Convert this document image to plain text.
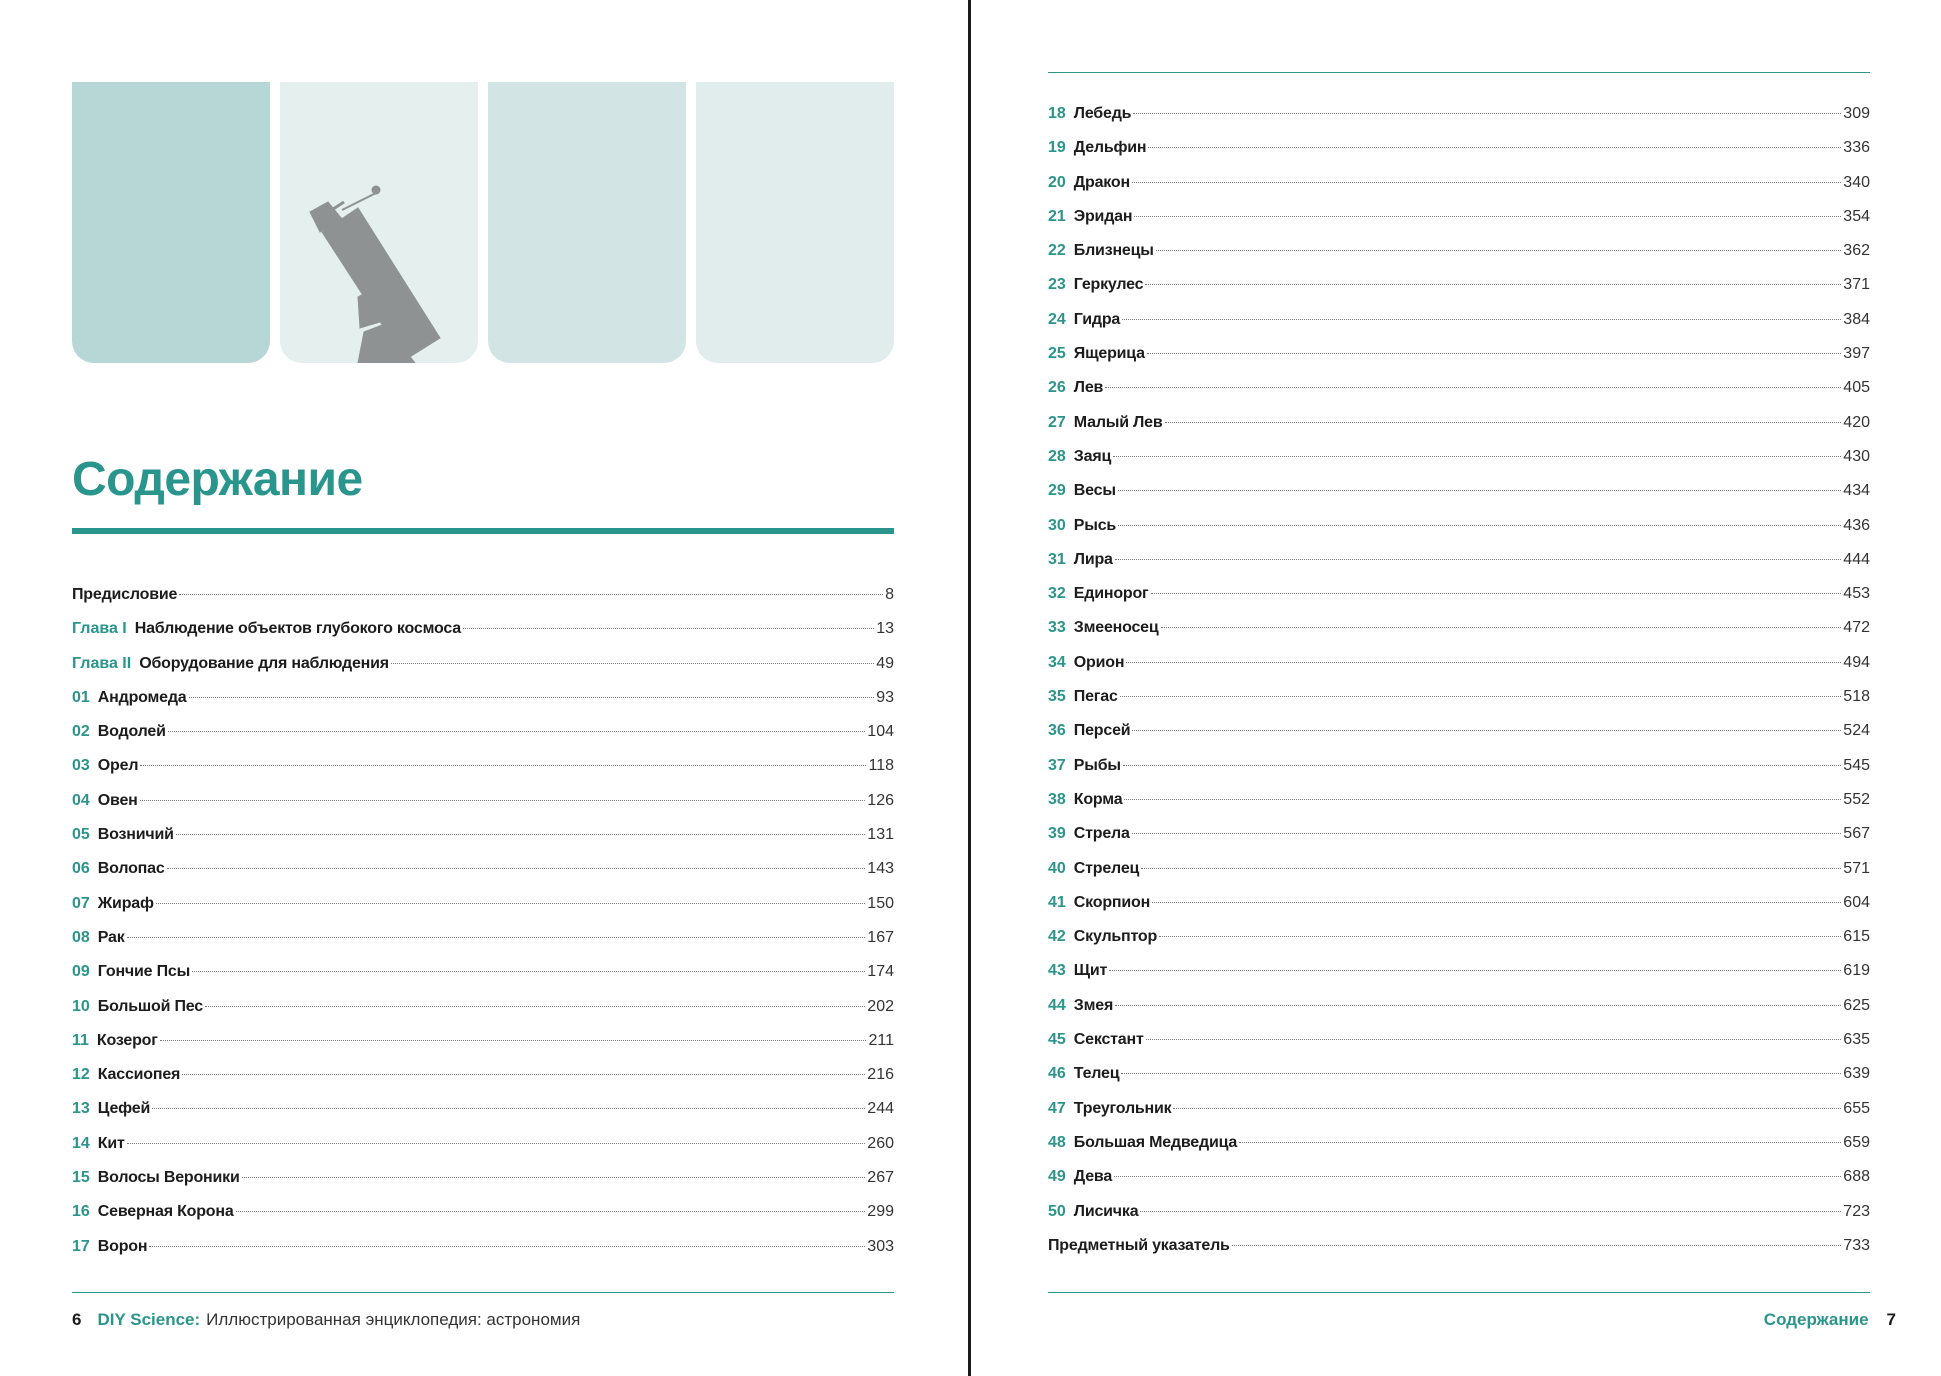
Содержание
Предисловие	8
Глава I Наблюдение объектов глубокого космоса	13
Глава II Оборудование для наблюдения	49
01 Андромеда	93
02 Водолей	104
03 Орел	118
04 Овен	126
05 Возничий	131
06 Волопас	143
07 Жираф	150
08 Рак	167
09 Гончие Псы	174
10 Большой Пес	202
11 Козерог	211
12 Кассиопея	216
13 Цефей	244
14 Кит	260
15 Волосы Вероники	267
16 Северная Корона	299
17 Ворон	303
6 DIY Science: Иллюстрированная энциклопедия: астрономия
18 Лебедь	309
19 Дельфин	336
20 Дракон	340
21 Эридан	354
22 Близнецы	362
23 Геркулес	371
24 Гидра	384
25 Ящерица	397
26 Лев	405
27 Малый Лев	420
28 Заяц	430
29 Весы	434
30 Рысь	436
31 Лира	444
32 Единорог	453
33 Змееносец	472
34 Орион	494
35 Пегас	518
36 Персей	524
37 Рыбы	545
38 Корма	552
39 Стрела	567
40 Стрелец	571
41 Скорпион	604
42 Скульптор	615
43 Щит	619
44 Змея	625
45 Секстант	635
46 Телец	639
47 Треугольник	655
48 Большая Медведица	659
49 Дева	688
50 Лисичка	723
Предметный указатель	733
Содержание 7
